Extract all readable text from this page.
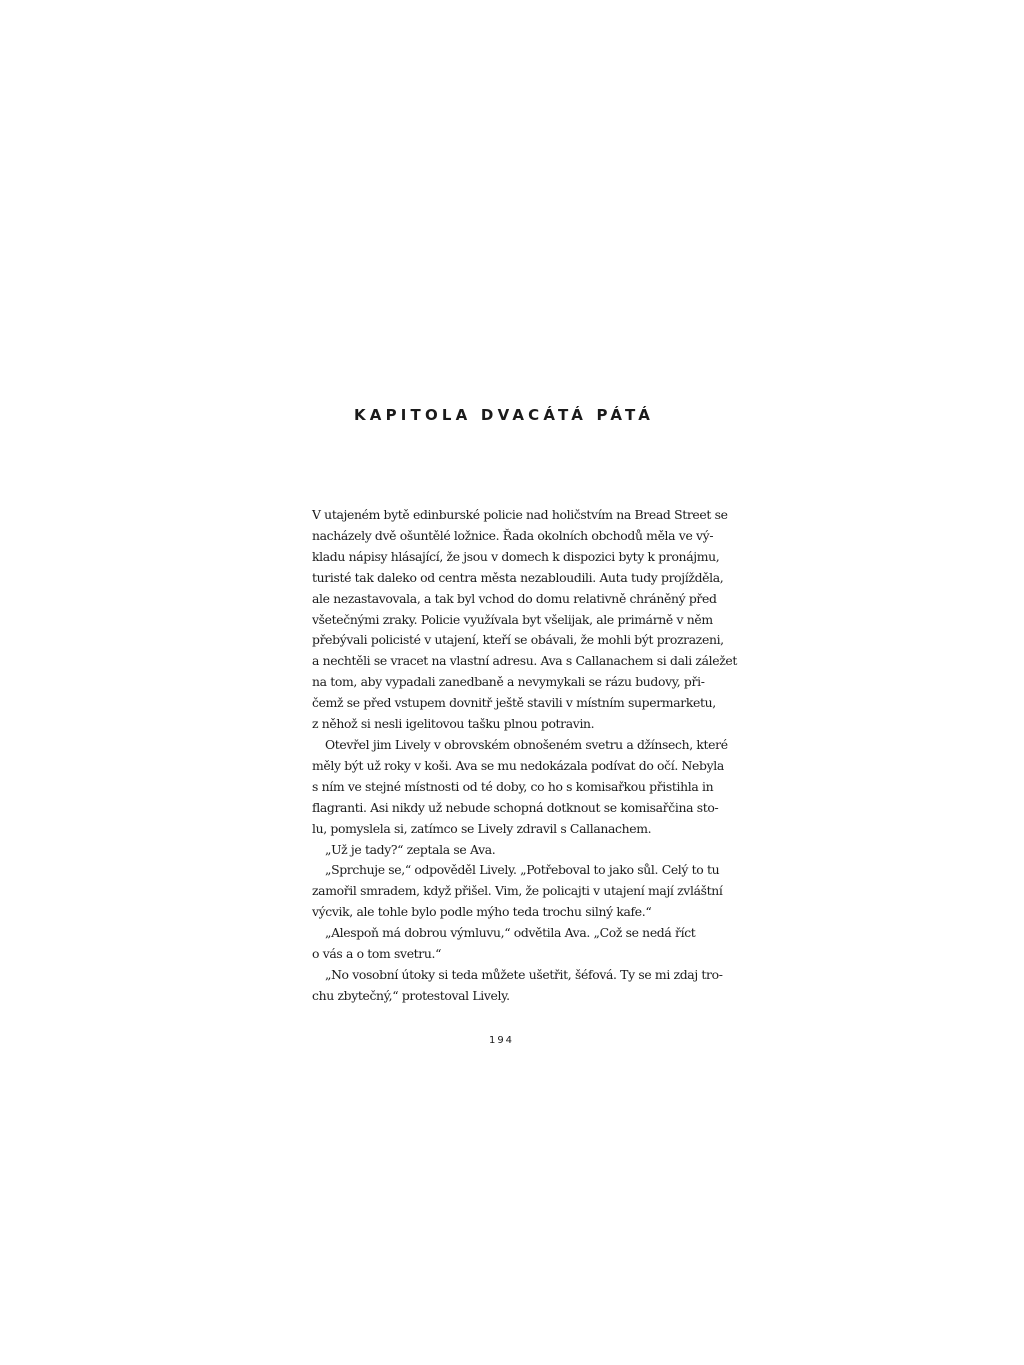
KAPITOLA DVACÁTÁ PÁTÁ
V utajeném bytě edinburské policie nad holičstvím na Bread Street se
nacházely dvě ošuntělé ložnice. Řada okolních obchodů měla ve vý-
kladu nápisy hlásající, že jsou v domech k dispozici byty k pronájmu,
turisté tak daleko od centra města nezabloudili. Auta tudy projížděla,
ale nezastavovala, a tak byl vchod do domu relativně chráněný před
všetečnými zraky. Policie využívala byt všelijak, ale primárně v něm
přebývali policisté v utajení, kteří se obávali, že mohli být prozrazeni,
a nechtěli se vracet na vlastní adresu. Ava s Callanachem si dali záležet
na tom, aby vypadali zanedbaně a nevymykali se rázu budovy, při-
čemž se před vstupem dovnitř ještě stavili v místním supermarketu,
z něhož si nesli igelitovou tašku plnou potravin.
Otevřel jim Lively v obrovském obnošeném svetru a džínsech, které
měly být už roky v koši. Ava se mu nedokázala podívat do očí. Nebyla
s ním ve stejné místnosti od té doby, co ho s komisařkou přistihla in
flagranti. Asi nikdy už nebude schopná dotknout se komisařčina sto-
lu, pomyslela si, zatímco se Lively zdravil s Callanachem.
„Už je tady?“ zeptala se Ava.
„Sprchuje se,“ odpověděl Lively. „Potřeboval to jako sůl. Celý to tu
zamořil smradem, když přišel. Vim, že policajti v utajení mají zvláštní
výcvik, ale tohle bylo podle mýho teda trochu silný kafe.“
„Alespoň má dobrou výmluvu,“ odvětila Ava. „Což se nedá říct
o vás a o tom svetru.“
„No vosobní útoky si teda můžete ušetřit, šéfová. Ty se mi zdaj tro-
chu zbytečný,“ protestoval Lively.
194
